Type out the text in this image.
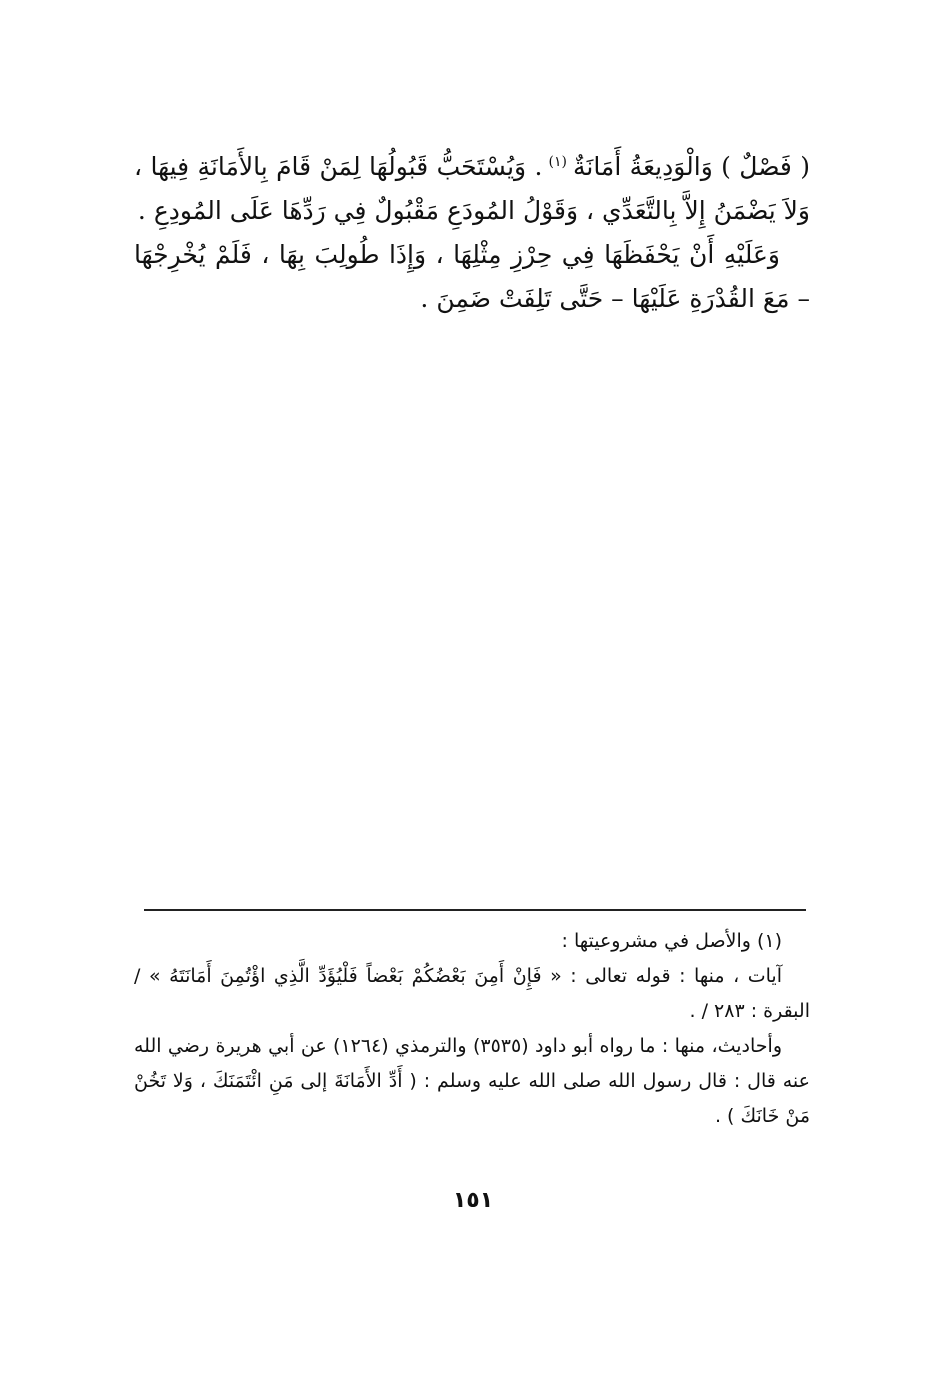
( فَصْلٌ ) وَالْوَدِيعَةُ أَمَانَةٌ$^{(١)}$. وَيُسْتَحَبُّ قَبُولُهَا لِمَنْ قَامَ بِالأَمَانَةِ فِيهَا ، وَلاَ يَضْمَنُ إِلاَّ بِالتَّعَدِّي ، وَقَوْلُ المُودَعِ مَقْبُولٌ فِي رَدِّهَا عَلَى المُودِعِ .

وَعَلَيْهِ أَنْ يَحْفَظَهَا فِي حِرْزِ مِثْلِهَا ، وَإِذَا طُولِبَ بِهَا ، فَلَمْ يُخْرِجْهَا – مَعَ القُدْرَةِ عَلَيْهَا – حَتَّى تَلِفَتْ ضَمِنَ .

(١) والأصل في مشروعيتها :

آيات ، منها : قوله تعالى : « فَإِنْ أَمِنَ بَعْضُكُمْ بَعْضاً فَلْيُؤَدِّ الَّذِي اؤْتُمِنَ أَمَانَتَهُ » / البقرة : ٢٨٣ / .

وأحاديث، منها : ما رواه أبو داود (٣٥٣٥) والترمذي (١٢٦٤) عن أبي هريرة رضي الله عنه قال : قال رسول الله صلى الله عليه وسلم : ( أَدِّ الأَمَانَةَ إلى مَنِ ائْتَمَنَكَ ، وَلا تَخُنْ مَنْ خَانَكَ ) .

١٥١
